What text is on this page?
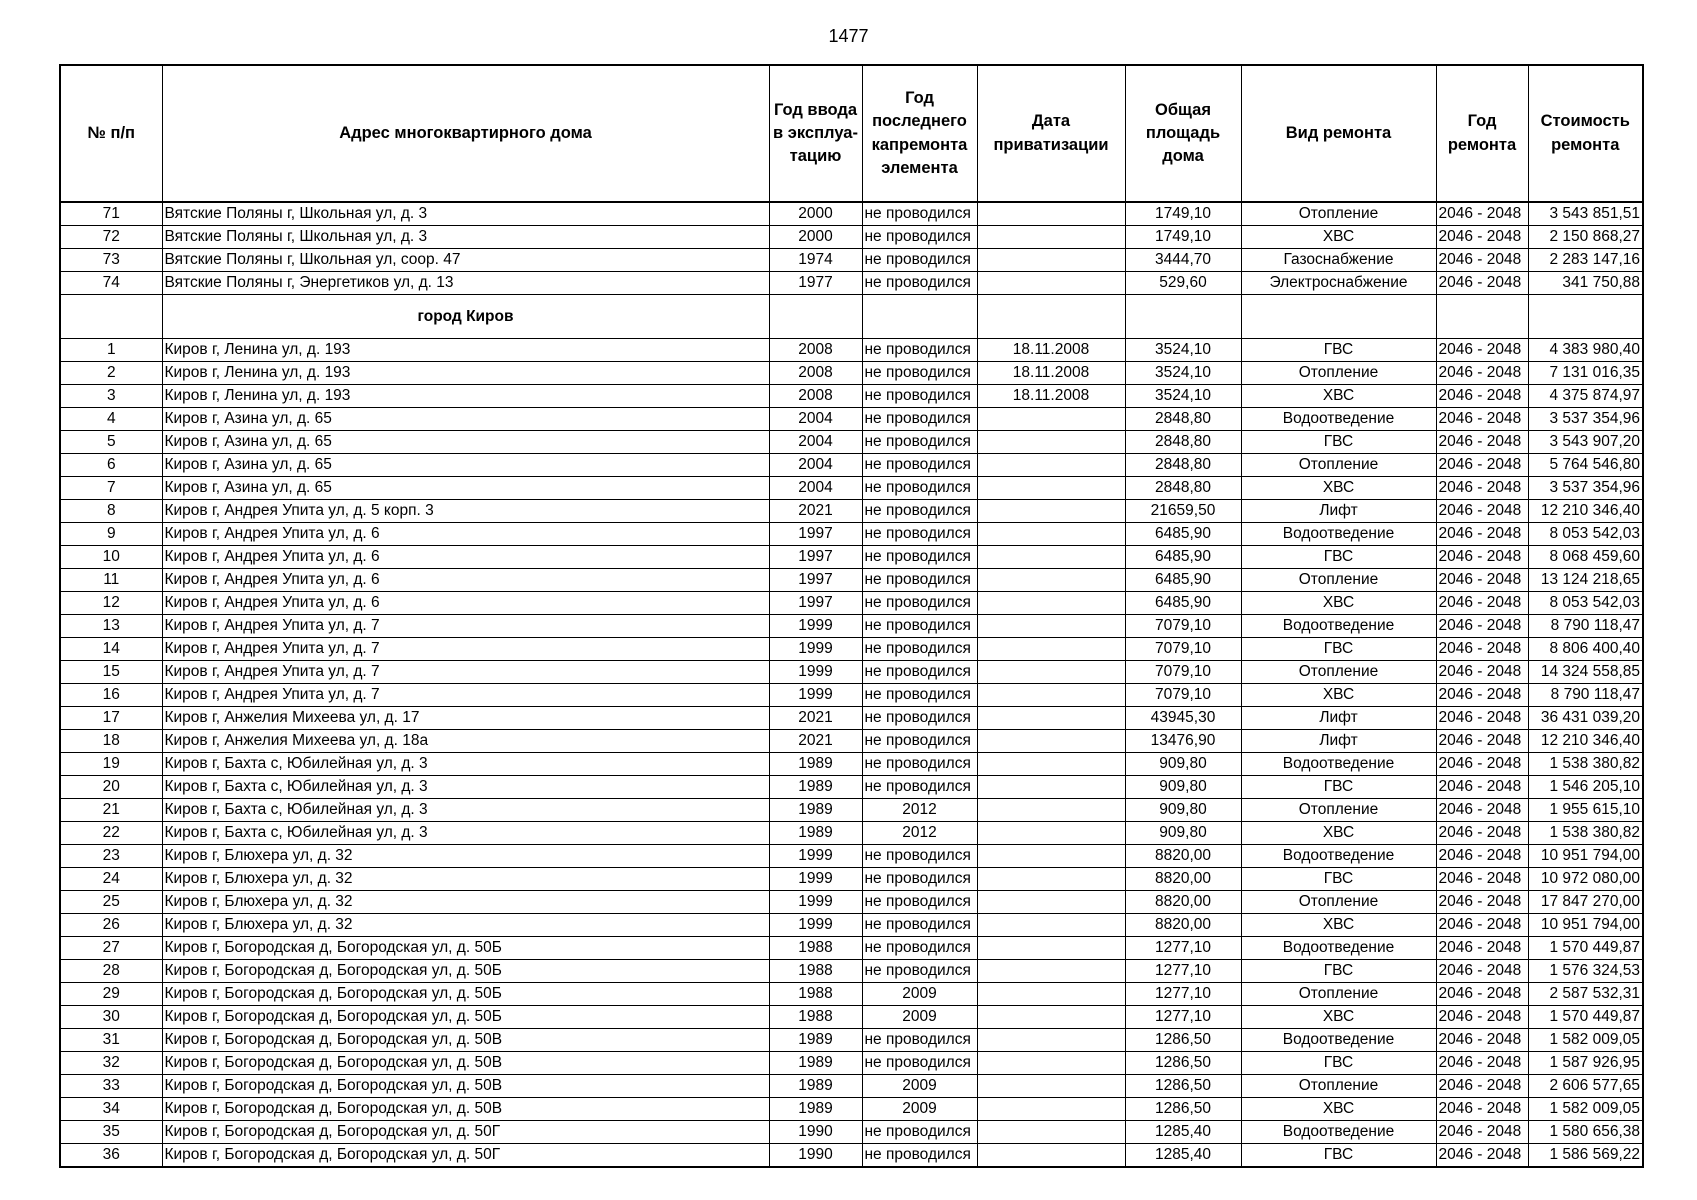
1477
№ п/п	Адрес многоквартирного дома	Год ввода в эксплуа-тацию	Год последнего капремонта элемента	Дата приватизации	Общая площадь дома	Вид ремонта	Год ремонта	Стоимость ремонта
71	Вятские Поляны г, Школьная ул, д. 3	2000	не проводился		1749,10	Отопление	2046 - 2048	3 543 851,51
72	Вятские Поляны г, Школьная ул, д. 3	2000	не проводился		1749,10	ХВС	2046 - 2048	2 150 868,27
73	Вятские Поляны г, Школьная ул, соор. 47	1974	не проводился		3444,70	Газоснабжение	2046 - 2048	2 283 147,16
74	Вятские Поляны г, Энергетиков ул, д. 13	1977	не проводился		529,60	Электроснабжение	2046 - 2048	341 750,88
	город Киров							
1	Киров г, Ленина ул, д. 193	2008	не проводился	18.11.2008	3524,10	ГВС	2046 - 2048	4 383 980,40
2	Киров г, Ленина ул, д. 193	2008	не проводился	18.11.2008	3524,10	Отопление	2046 - 2048	7 131 016,35
3	Киров г, Ленина ул, д. 193	2008	не проводился	18.11.2008	3524,10	ХВС	2046 - 2048	4 375 874,97
4	Киров г, Азина ул, д. 65	2004	не проводился		2848,80	Водоотведение	2046 - 2048	3 537 354,96
5	Киров г, Азина ул, д. 65	2004	не проводился		2848,80	ГВС	2046 - 2048	3 543 907,20
6	Киров г, Азина ул, д. 65	2004	не проводился		2848,80	Отопление	2046 - 2048	5 764 546,80
7	Киров г, Азина ул, д. 65	2004	не проводился		2848,80	ХВС	2046 - 2048	3 537 354,96
8	Киров г, Андрея Упита ул, д. 5 корп. 3	2021	не проводился		21659,50	Лифт	2046 - 2048	12 210 346,40
9	Киров г, Андрея Упита ул, д. 6	1997	не проводился		6485,90	Водоотведение	2046 - 2048	8 053 542,03
10	Киров г, Андрея Упита ул, д. 6	1997	не проводился		6485,90	ГВС	2046 - 2048	8 068 459,60
11	Киров г, Андрея Упита ул, д. 6	1997	не проводился		6485,90	Отопление	2046 - 2048	13 124 218,65
12	Киров г, Андрея Упита ул, д. 6	1997	не проводился		6485,90	ХВС	2046 - 2048	8 053 542,03
13	Киров г, Андрея Упита ул, д. 7	1999	не проводился		7079,10	Водоотведение	2046 - 2048	8 790 118,47
14	Киров г, Андрея Упита ул, д. 7	1999	не проводился		7079,10	ГВС	2046 - 2048	8 806 400,40
15	Киров г, Андрея Упита ул, д. 7	1999	не проводился		7079,10	Отопление	2046 - 2048	14 324 558,85
16	Киров г, Андрея Упита ул, д. 7	1999	не проводился		7079,10	ХВС	2046 - 2048	8 790 118,47
17	Киров г, Анжелия Михеева ул, д. 17	2021	не проводился		43945,30	Лифт	2046 - 2048	36 431 039,20
18	Киров г, Анжелия Михеева ул, д. 18а	2021	не проводился		13476,90	Лифт	2046 - 2048	12 210 346,40
19	Киров г, Бахта с, Юбилейная ул, д. 3	1989	не проводился		909,80	Водоотведение	2046 - 2048	1 538 380,82
20	Киров г, Бахта с, Юбилейная ул, д. 3	1989	не проводился		909,80	ГВС	2046 - 2048	1 546 205,10
21	Киров г, Бахта с, Юбилейная ул, д. 3	1989	2012		909,80	Отопление	2046 - 2048	1 955 615,10
22	Киров г, Бахта с, Юбилейная ул, д. 3	1989	2012		909,80	ХВС	2046 - 2048	1 538 380,82
23	Киров г, Блюхера ул, д. 32	1999	не проводился		8820,00	Водоотведение	2046 - 2048	10 951 794,00
24	Киров г, Блюхера ул, д. 32	1999	не проводился		8820,00	ГВС	2046 - 2048	10 972 080,00
25	Киров г, Блюхера ул, д. 32	1999	не проводился		8820,00	Отопление	2046 - 2048	17 847 270,00
26	Киров г, Блюхера ул, д. 32	1999	не проводился		8820,00	ХВС	2046 - 2048	10 951 794,00
27	Киров г, Богородская д, Богородская ул, д. 50Б	1988	не проводился		1277,10	Водоотведение	2046 - 2048	1 570 449,87
28	Киров г, Богородская д, Богородская ул, д. 50Б	1988	не проводился		1277,10	ГВС	2046 - 2048	1 576 324,53
29	Киров г, Богородская д, Богородская ул, д. 50Б	1988	2009		1277,10	Отопление	2046 - 2048	2 587 532,31
30	Киров г, Богородская д, Богородская ул, д. 50Б	1988	2009		1277,10	ХВС	2046 - 2048	1 570 449,87
31	Киров г, Богородская д, Богородская ул, д. 50В	1989	не проводился		1286,50	Водоотведение	2046 - 2048	1 582 009,05
32	Киров г, Богородская д, Богородская ул, д. 50В	1989	не проводился		1286,50	ГВС	2046 - 2048	1 587 926,95
33	Киров г, Богородская д, Богородская ул, д. 50В	1989	2009		1286,50	Отопление	2046 - 2048	2 606 577,65
34	Киров г, Богородская д, Богородская ул, д. 50В	1989	2009		1286,50	ХВС	2046 - 2048	1 582 009,05
35	Киров г, Богородская д, Богородская ул, д. 50Г	1990	не проводился		1285,40	Водоотведение	2046 - 2048	1 580 656,38
36	Киров г, Богородская д, Богородская ул, д. 50Г	1990	не проводился		1285,40	ГВС	2046 - 2048	1 586 569,22
